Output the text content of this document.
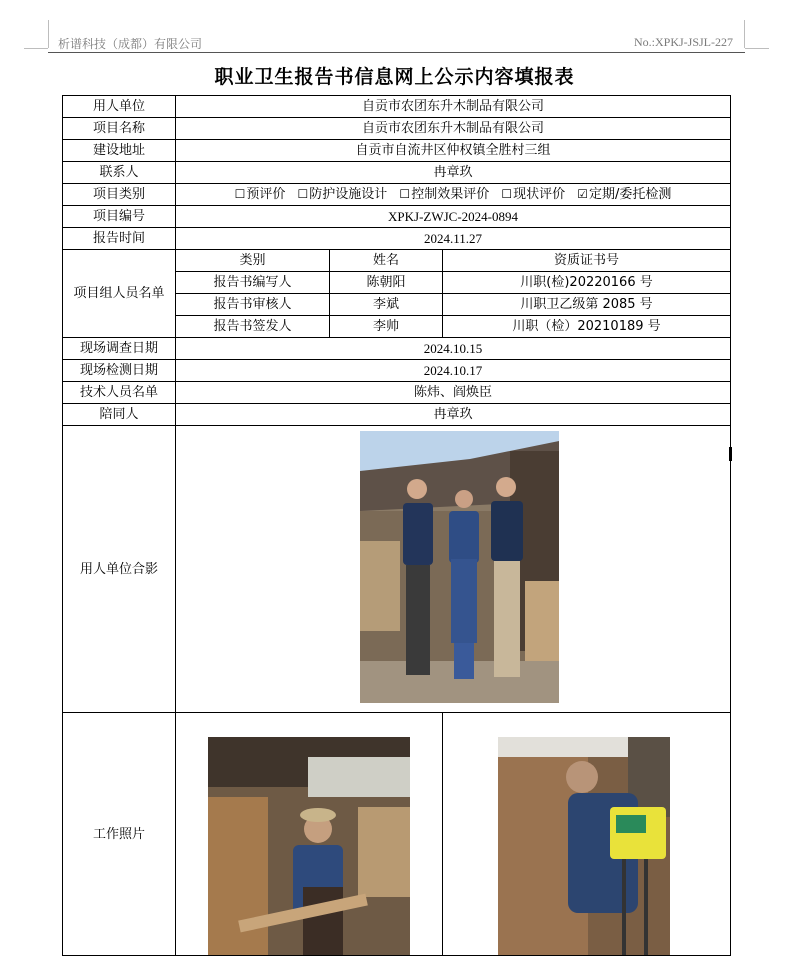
析谱科技（成都）有限公司	No.:XPKJ-JSJL-227
职业卫生报告书信息网上公示内容填报表
用人单位	自贡市农团东升木制品有限公司		
项目名称	自贡市农团东升木制品有限公司		
建设地址	自贡市自流井区仲权镇全胜村三组		
联系人	冉章玖		
项目类别	☐预评价 ☐防护设施设计 ☐控制效果评价 ☐现状评价 ☑定期/委托检测		
项目编号	XPKJ-ZWJC-2024-0894		
报告时间	2024.11.27		
项目组人员名单	类别	姓名	资质证书号
	报告书编写人	陈朝阳	川职(检)20220166 号
	报告书审核人	李斌	川职卫乙级第 2085 号
	报告书签发人	李帅	川职（检）20210189 号
现场调查日期	2024.10.15		
现场检测日期	2024.10.17		
技术人员名单	陈炜、阎焕臣		
陪同人	冉章玖		
用人单位合影	

工作照片	
